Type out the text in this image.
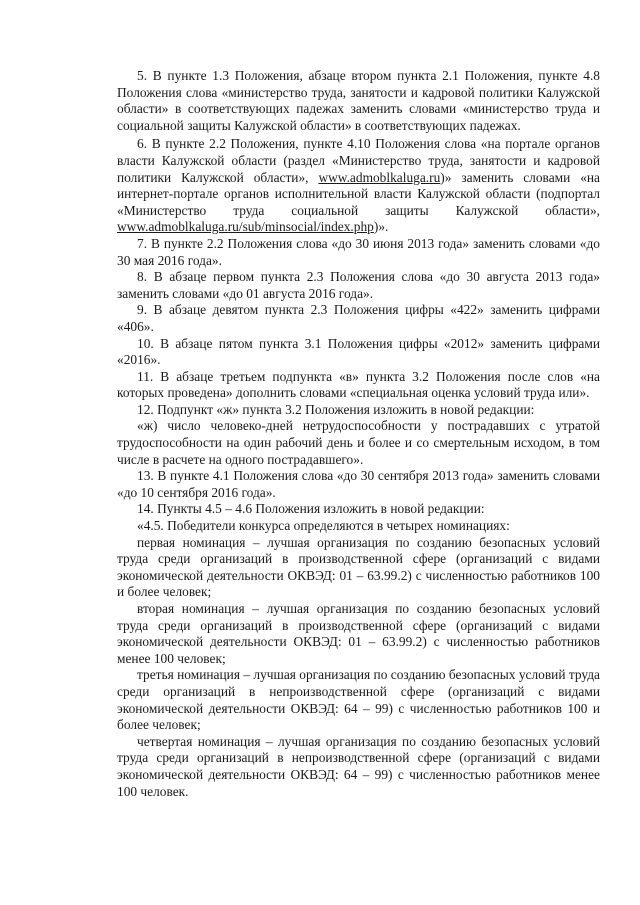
5. В пункте 1.3 Положения, абзаце втором пункта 2.1 Положения, пункте 4.8 Положения слова «министерство труда, занятости и кадровой политики Калужской области» в соответствующих падежах заменить словами «министерство труда и социальной защиты Калужской области» в соответствующих падежах.

6. В пункте 2.2 Положения, пункте 4.10 Положения слова «на портале органов власти Калужской области (раздел «Министерство труда, занятости и кадровой политики Калужской области», www.admoblkaluga.ru)» заменить словами «на интернет-портале органов исполнительной власти Калужской области (подпортал «Министерство труда социальной защиты Калужской области», www.admoblkaluga.ru/sub/minsocial/index.php)».

7. В пункте 2.2 Положения слова «до 30 июня 2013 года» заменить словами «до 30 мая 2016 года».

8. В абзаце первом пункта 2.3 Положения слова «до 30 августа 2013 года» заменить словами «до 01 августа 2016 года».

9. В абзаце девятом пункта 2.3 Положения цифры «422» заменить цифрами «406».

10. В абзаце пятом пункта 3.1 Положения цифры «2012» заменить цифрами «2016».

11. В абзаце третьем подпункта «в» пункта 3.2 Положения после слов «на которых проведена» дополнить словами «специальная оценка условий труда или».

12. Подпункт «ж» пункта 3.2 Положения изложить в новой редакции:

«ж) число человеко-дней нетрудоспособности у пострадавших с утратой трудоспособности на один рабочий день и более и со смертельным исходом, в том числе в расчете на одного пострадавшего».

13. В пункте 4.1 Положения слова «до 30 сентября 2013 года» заменить словами «до 10 сентября 2016 года».

14. Пункты 4.5 – 4.6 Положения изложить в новой редакции:

«4.5. Победители конкурса определяются в четырех номинациях:

первая номинация – лучшая организация по созданию безопасных условий труда среди организаций в производственной сфере (организаций с видами экономической деятельности ОКВЭД: 01 – 63.99.2) с численностью работников 100 и более человек;

вторая номинация – лучшая организация по созданию безопасных условий труда среди организаций в производственной сфере (организаций с видами экономической деятельности ОКВЭД: 01 – 63.99.2) с численностью работников менее 100 человек;

третья номинация – лучшая организация по созданию безопасных условий труда среди организаций в непроизводственной сфере (организаций с видами экономической деятельности ОКВЭД: 64 – 99) с численностью работников 100 и более человек;

четвертая номинация – лучшая организация по созданию безопасных условий труда среди организаций в непроизводственной сфере (организаций с видами экономической деятельности ОКВЭД: 64 – 99) с численностью работников менее 100 человек.
